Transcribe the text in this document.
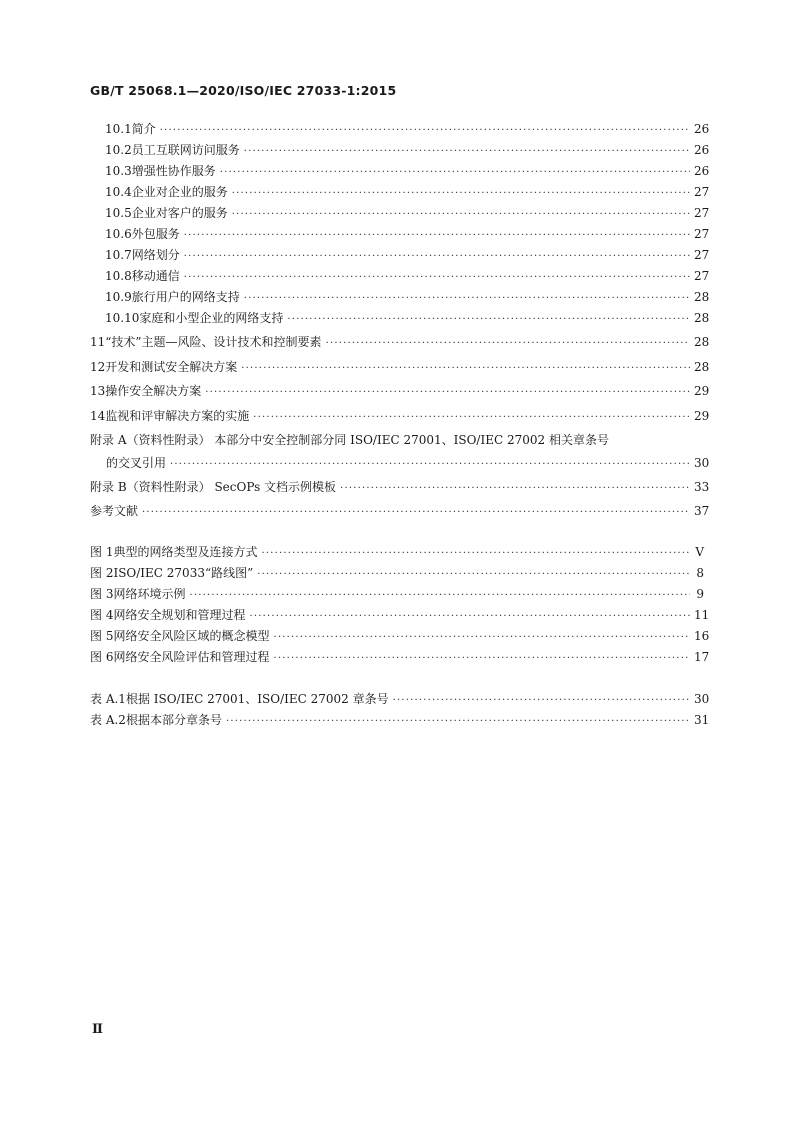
GB/T 25068.1—2020/ISO/IEC 27033-1:2015
10.1 简介 ·····	26
10.2 员工互联网访问服务 ·····	26
10.3 增强性协作服务 ·····	26
10.4 企业对企业的服务 ·····	27
10.5 企业对客户的服务 ·····	27
10.6 外包服务 ·····	27
10.7 网络划分 ·····	27
10.8 移动通信 ·····	27
10.9 旅行用户的网络支持 ·····	28
10.10 家庭和小型企业的网络支持 ·····	28
11 “技术”主题—风险、设计技术和控制要素 ·····	28
12 开发和测试安全解决方案 ·····	28
13 操作安全解决方案 ·····	29
14 监视和评审解决方案的实施 ·····	29
附录 A（资料性附录） 本部分中安全控制部分同 ISO/IEC 27001、ISO/IEC 27002 相关章条号
的交叉引用 ·····	30
附录 B（资料性附录） SecOPs 文档示例模板 ·····	33
参考文献 ·····	37
图 1 典型的网络类型及连接方式 ·····	V
图 2 ISO/IEC 27033“路线图” ·····	8
图 3 网络环境示例 ·····	9
图 4 网络安全规划和管理过程 ·····	11
图 5 网络安全风险区域的概念模型 ·····	16
图 6 网络安全风险评估和管理过程 ·····	17
表 A.1 根据 ISO/IEC 27001、ISO/IEC 27002 章条号 ·····	30
表 A.2 根据本部分章条号 ·····	31
Ⅱ
